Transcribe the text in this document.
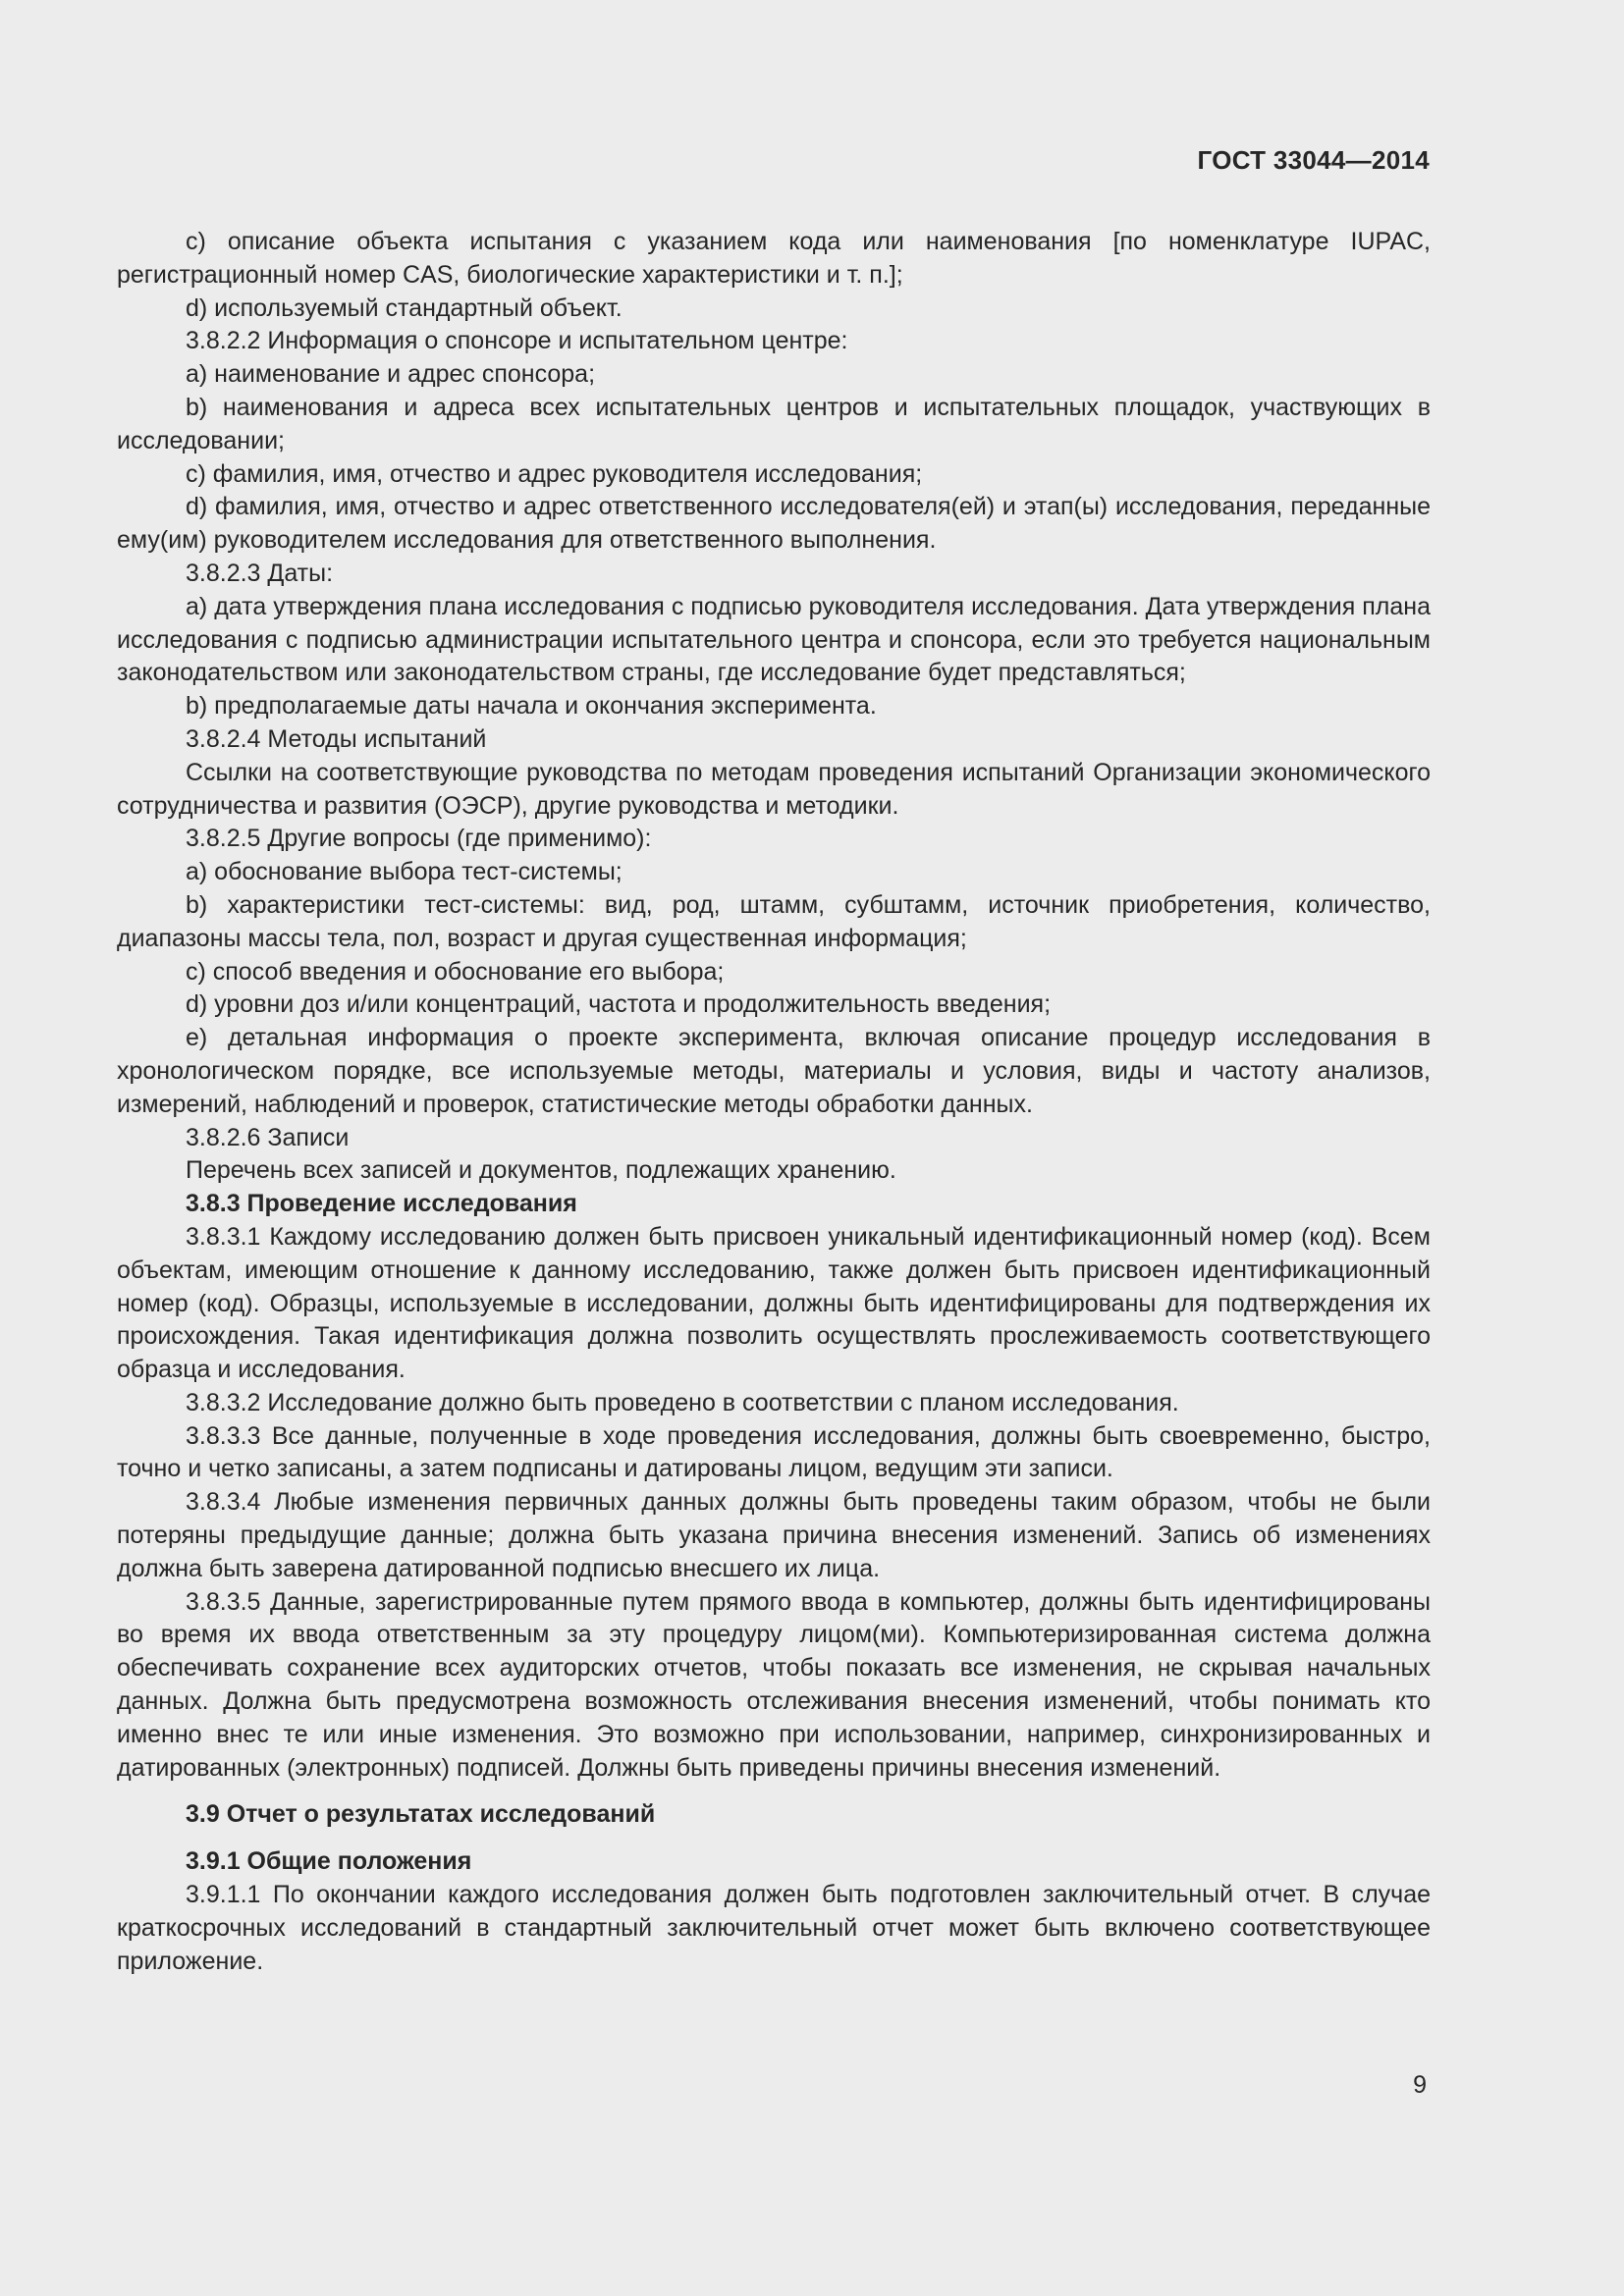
ГОСТ 33044—2014

c) описание объекта испытания с указанием кода или наименования [по номенклатуре IUPAC, регистрационный номер CAS, биологические характеристики и т. п.];

d) используемый стандартный объект.

3.8.2.2 Информация о спонсоре и испытательном центре:

a) наименование и адрес спонсора;

b) наименования и адреса всех испытательных центров и испытательных площадок, участвующих в исследовании;

c) фамилия, имя, отчество и адрес руководителя исследования;

d) фамилия, имя, отчество и адрес ответственного исследователя(ей) и этап(ы) исследования, переданные ему(им) руководителем исследования для ответственного выполнения.

3.8.2.3 Даты:

a) дата утверждения плана исследования с подписью руководителя исследования. Дата утверждения плана исследования с подписью администрации испытательного центра и спонсора, если это требуется национальным законодательством или законодательством страны, где исследование будет представляться;

b) предполагаемые даты начала и окончания эксперимента.

3.8.2.4 Методы испытаний

Ссылки на соответствующие руководства по методам проведения испытаний Организации экономического сотрудничества и развития (ОЭСР), другие руководства и методики.

3.8.2.5 Другие вопросы (где применимо):

a) обоснование выбора тест-системы;

b) характеристики тест-системы: вид, род, штамм, субштамм, источник приобретения, количество, диапазоны массы тела, пол, возраст и другая существенная информация;

c) способ введения и обоснование его выбора;

d) уровни доз и/или концентраций, частота и продолжительность введения;

e) детальная информация о проекте эксперимента, включая описание процедур исследования в хронологическом порядке, все используемые методы, материалы и условия, виды и частоту анализов, измерений, наблюдений и проверок, статистические методы обработки данных.

3.8.2.6 Записи

Перечень всех записей и документов, подлежащих хранению.

3.8.3 Проведение исследования

3.8.3.1 Каждому исследованию должен быть присвоен уникальный идентификационный номер (код). Всем объектам, имеющим отношение к данному исследованию, также должен быть присвоен идентификационный номер (код). Образцы, используемые в исследовании, должны быть идентифицированы для подтверждения их происхождения. Такая идентификация должна позволить осуществлять прослеживаемость соответствующего образца и исследования.

3.8.3.2 Исследование должно быть проведено в соответствии с планом исследования.

3.8.3.3 Все данные, полученные в ходе проведения исследования, должны быть своевременно, быстро, точно и четко записаны, а затем подписаны и датированы лицом, ведущим эти записи.

3.8.3.4 Любые изменения первичных данных должны быть проведены таким образом, чтобы не были потеряны предыдущие данные; должна быть указана причина внесения изменений. Запись об изменениях должна быть заверена датированной подписью внесшего их лица.

3.8.3.5 Данные, зарегистрированные путем прямого ввода в компьютер, должны быть идентифицированы во время их ввода ответственным за эту процедуру лицом(ми). Компьютеризированная система должна обеспечивать сохранение всех аудиторских отчетов, чтобы показать все изменения, не скрывая начальных данных. Должна быть предусмотрена возможность отслеживания внесения изменений, чтобы понимать кто именно внес те или иные изменения. Это возможно при использовании, например, синхронизированных и датированных (электронных) подписей. Должны быть приведены причины внесения изменений.

3.9 Отчет о результатах исследований

3.9.1 Общие положения

3.9.1.1 По окончании каждого исследования должен быть подготовлен заключительный отчет. В случае краткосрочных исследований в стандартный заключительный отчет может быть включено соответствующее приложение.

9
